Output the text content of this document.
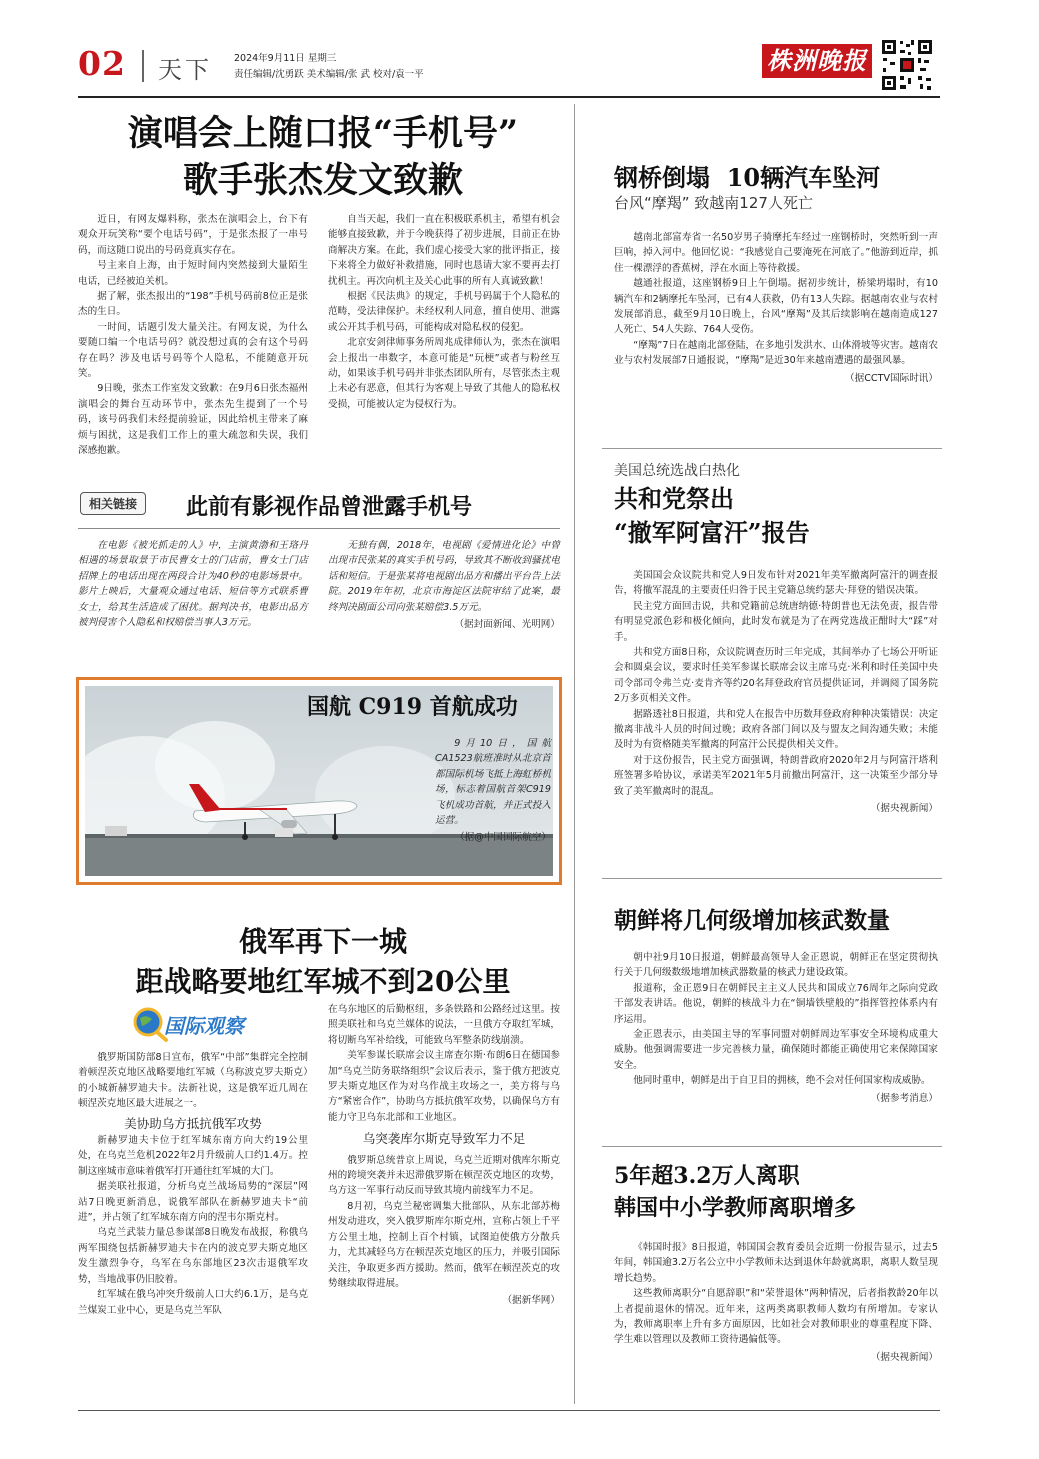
02 天下 2024年9月11日 星期三
责任编辑/沈勇跃 美术编辑/张 武 校对/袁一平	株洲晚报
演唱会上随口报“手机号”
歌手张杰发文致歉

近日，有网友爆料称，张杰在演唱会上，台下有观众开玩笑称“要个电话号码”，于是张杰报了一串号码，而这随口说出的号码竟真实存在。

号主来自上海，由于短时间内突然接到大量陌生电话，已经被迫关机。

据了解，张杰报出的“198”手机号码前8位正是张杰的生日。

一时间，话题引发大量关注。有网友说，为什么要随口编一个电话号码？就没想过真的会有这个号码存在吗？涉及电话号码等个人隐私，不能随意开玩笑。

9日晚，张杰工作室发文致歉：在9月6日张杰福州演唱会的舞台互动环节中，张杰先生提到了一个号码，该号码我们未经提前验证，因此给机主带来了麻烦与困扰，这是我们工作上的重大疏忽和失误，我们深感抱歉。

自当天起，我们一直在积极联系机主，希望有机会能够直接致歉，并于今晚获得了初步进展，目前正在协商解决方案。在此，我们虚心接受大家的批评指正，接下来将全力做好补救措施，同时也恳请大家不要再去打扰机主。再次向机主及关心此事的所有人真诚致歉！

根据《民法典》的规定，手机号码属于个人隐私的范畴，受法律保护。未经权利人同意，擅自使用、泄露或公开其手机号码，可能构成对隐私权的侵犯。

北京安剑律师事务所周兆成律师认为，张杰在演唱会上报出一串数字，本意可能是“玩梗”或者与粉丝互动，如果该手机号码并非张杰团队所有，尽管张杰主观上未必有恶意，但其行为客观上导致了其他人的隐私权受损，可能被认定为侵权行为。

相关链接	此前有影视作品曾泄露手机号

在电影《被光抓走的人》中，主演黄渤和王珞丹相遇的场景取景于市民曹女士的门店前，曹女士门店招牌上的电话出现在两段合计为40秒的电影场景中。影片上映后，大量观众通过电话、短信等方式联系曹女士，给其生活造成了困扰。据判决书，电影出品方被判侵害个人隐私和权赔偿当事人3万元。

无独有偶，2018年，电视剧《爱情进化论》中曾出现市民张某的真实手机号码，导致其不断收到骚扰电话和短信。于是张某将电视剧出品方和播出平台告上法院。2019年年初，北京市海淀区法院审结了此案，最终判决剧面公司向张某赔偿3.5万元。

（据封面新闻、光明网）
国航 C919 首航成功

9月10日，国航CA1523航班准时从北京首都国际机场飞抵上海虹桥机场，标志着国航首架C919飞机成功首航，并正式投入运营。

（据@中国国际航空）
俄军再下一城
距战略要地红军城不到20公里
国际观察

俄罗斯国防部8日宣布，俄军“中部”集群完全控制着顿涅茨克地区战略要地红军城（乌称波克罗夫斯克）的小城新赫罗迪夫卡。法新社说，这是俄军近几周在顿涅茨克地区最大进展之一。

美协助乌方抵抗俄军攻势

新赫罗迪夫卡位于红军城东南方向大约19公里处，在乌克兰危机2022年2月升级前人口约1.4万。控制这座城市意味着俄军打开通往红军城的大门。

据美联社报道，分析乌克兰战场局势的“深层”网站7日晚更新消息，说俄军部队在新赫罗迪夫卡“前进”，并占领了红军城东南方向的涅韦尔斯克村。

乌克兰武装力量总参谋部8日晚发布战报，称俄乌两军围绕包括新赫罗迪夫卡在内的波克罗夫斯克地区发生激烈争夺，乌军在乌东部地区23次击退俄军攻势，当地战事仍旧胶着。

红军城在俄乌冲突升级前人口大约6.1万，是乌克兰煤炭工业中心，更是乌克兰军队

在乌东地区的后勤枢纽，多条铁路和公路经过这里。按照美联社和乌克兰媒体的说法，一旦俄方夺取红军城，将切断乌军补给线，可能致乌军整条防线崩溃。

美军参谋长联席会议主席查尔斯·布朗6日在德国参加“乌克兰防务联络组织”会议后表示，鉴于俄方把波克罗夫斯克地区作为对乌作战主攻场之一，美方将与乌方“紧密合作”，协助乌方抵抗俄军攻势，以确保乌方有能力守卫乌东北部和工业地区。

乌突袭库尔斯克导致军力不足

俄罗斯总统普京上周说，乌克兰近期对俄库尔斯克州的跨境突袭并未迟滞俄罗斯在顿涅茨克地区的攻势，乌方这一军事行动反而导致其境内前线军力不足。

8月初，乌克兰秘密调集大批部队，从东北部苏梅州发动进攻，突入俄罗斯库尔斯克州，宣称占领上千平方公里土地，控制上百个村镇，试图迫使俄方分散兵力，尤其减轻乌方在顿涅茨克地区的压力，并吸引国际关注，争取更多西方援助。然而，俄军在顿涅茨克的攻势继续取得进展。

（据新华网）
钢桥倒塌  10辆汽车坠河
台风“摩羯” 致越南127人死亡

越南北部富寿省一名50岁男子骑摩托车经过一座钢桥时，突然听到一声巨响，掉入河中。他回忆说：“我感觉自己要淹死在河底了。”他游到近岸，抓住一棵漂浮的香蕉树，浮在水面上等待救援。

越通社报道，这座钢桥9日上午倒塌。据初步统计，桥梁坍塌时，有10辆汽车和2辆摩托车坠河，已有4人获救，仍有13人失踪。据越南农业与农村发展部消息，截至9月10日晚上，台风“摩羯”及其后续影响在越南造成127人死亡、54人失踪、764人受伤。

“摩羯”7日在越南北部登陆，在多地引发洪水、山体滑坡等灾害。越南农业与农村发展部7日通报说，“摩羯”是近30年来越南遭遇的最强风暴。

（据CCTV国际时讯）
美国总统选战白热化
共和党祭出
“撤军阿富汗”报告

美国国会众议院共和党人9日发布针对2021年美军撤离阿富汗的调查报告，将撤军混乱的主要责任归咎于民主党籍总统约瑟夫·拜登的错误决策。

民主党方面回击说，共和党籍前总统唐纳德·特朗普也无法免责，报告带有明显党派色彩和极化倾向，此时发布就是为了在两党选战正酣时大“踩”对手。

共和党方面8日称，众议院调查历时三年完成，其间举办了七场公开听证会和圆桌会议，要求时任美军参谋长联席会议主席马克·米利和时任美国中央司令部司令弗兰克·麦肯齐等约20名拜登政府官员提供证词，并调阅了国务院2万多页相关文件。

据路透社8日报道，共和党人在报告中历数拜登政府种种决策错误：决定撤离非战斗人员的时间过晚；政府各部门间以及与盟友之间沟通失败；未能及时为有资格随美军撤离的阿富汗公民提供相关文件。

对于这份报告，民主党方面强调，特朗普政府2020年2月与阿富汗塔利班签署多哈协议，承诺美军2021年5月前撤出阿富汗，这一决策至少部分导致了美军撤离时的混乱。

（据央视新闻）
朝鲜将几何级增加核武数量

朝中社9月10日报道，朝鲜最高领导人金正恩说，朝鲜正在坚定贯彻执行关于几何级数级地增加核武器数量的核武力建设政策。

报道称，金正恩9日在朝鲜民主主义人民共和国成立76周年之际向党政干部发表讲话。他说，朝鲜的核战斗力在“铜墙铁壁般的”指挥管控体系内有序运用。

金正恩表示，由美国主导的军事同盟对朝鲜周边军事安全环境构成重大威胁。他强调需要进一步完善核力量，确保随时都能正确使用它来保障国家安全。

他同时重申，朝鲜是出于自卫目的拥核，绝不会对任何国家构成威胁。

（据参考消息）
5年超3.2万人离职
韩国中小学教师离职增多

《韩国时报》8日报道，韩国国会教育委员会近期一份报告显示，过去5年间，韩国逾3.2万名公立中小学教师未达到退休年龄就离职，离职人数呈现增长趋势。

这些教师离职分“自愿辞职”和“荣誉退休”两种情况，后者指教龄20年以上者提前退休的情况。近年来，这两类离职教师人数均有所增加。专家认为，教师离职率上升有多方面原因，比如社会对教师职业的尊重程度下降、学生难以管理以及教师工资待遇偏低等。

（据央视新闻）
